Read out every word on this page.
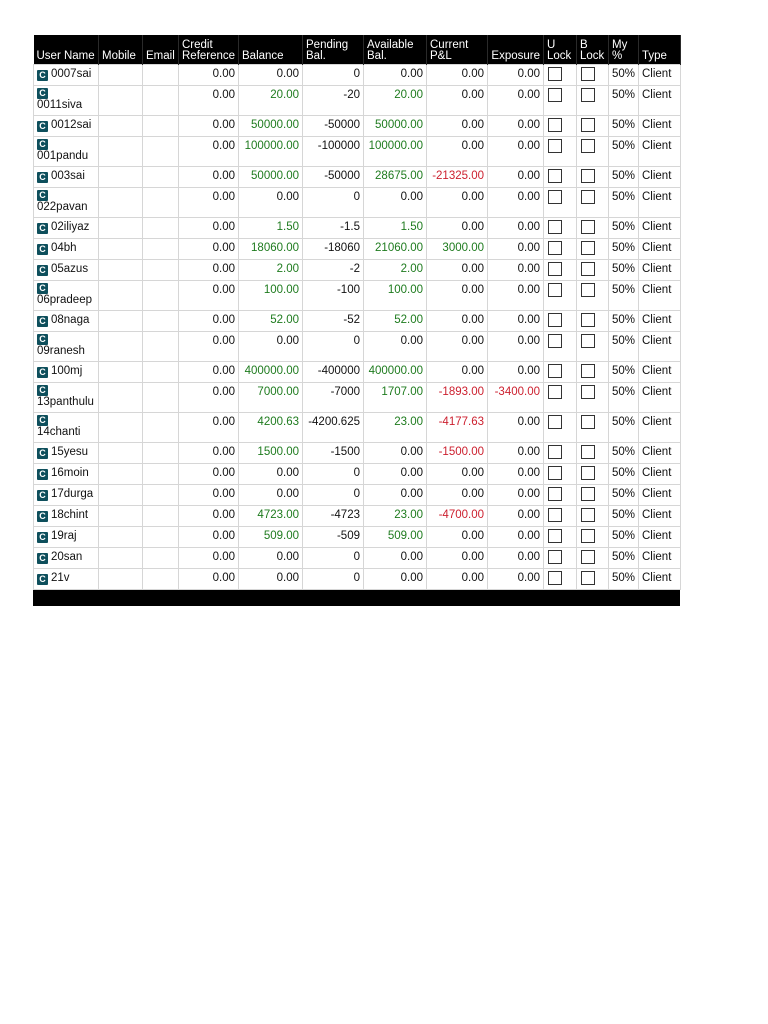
User Name	Mobile	Email	Credit Reference	Balance	Pending Bal.	Available Bal.	Current P&L	Exposure	U Lock	B Lock	My %	Type
C 0007sai			0.00	0.00	0	0.00	0.00	0.00			50%	Client

C
0011siva			0.00	20.00	-20	20.00	0.00	0.00			50%	Client
C 0012sai			0.00	50000.00	-50000	50000.00	0.00	0.00			50%	Client

C
001pandu			0.00	100000.00	-100000	100000.00	0.00	0.00			50%	Client
C 003sai			0.00	50000.00	-50000	28675.00	-21325.00	0.00			50%	Client

C
022pavan			0.00	0.00	0	0.00	0.00	0.00			50%	Client
C 02iliyaz			0.00	1.50	-1.5	1.50	0.00	0.00			50%	Client
C 04bh			0.00	18060.00	-18060	21060.00	3000.00	0.00			50%	Client
C 05azus			0.00	2.00	-2	2.00	0.00	0.00			50%	Client

C
06pradeep			0.00	100.00	-100	100.00	0.00	0.00			50%	Client
C 08naga			0.00	52.00	-52	52.00	0.00	0.00			50%	Client

C
09ranesh			0.00	0.00	0	0.00	0.00	0.00			50%	Client
C 100mj			0.00	400000.00	-400000	400000.00	0.00	0.00			50%	Client

C
13panthulu			0.00	7000.00	-7000	1707.00	-1893.00	-3400.00			50%	Client

C
14chanti			0.00	4200.63	-4200.625	23.00	-4177.63	0.00			50%	Client
C 15yesu			0.00	1500.00	-1500	0.00	-1500.00	0.00			50%	Client
C 16moin			0.00	0.00	0	0.00	0.00	0.00			50%	Client
C 17durga			0.00	0.00	0	0.00	0.00	0.00			50%	Client
C 18chint			0.00	4723.00	-4723	23.00	-4700.00	0.00			50%	Client
C 19raj			0.00	509.00	-509	509.00	0.00	0.00			50%	Client
C 20san			0.00	0.00	0	0.00	0.00	0.00			50%	Client
C 21v			0.00	0.00	0	0.00	0.00	0.00			50%	Client
